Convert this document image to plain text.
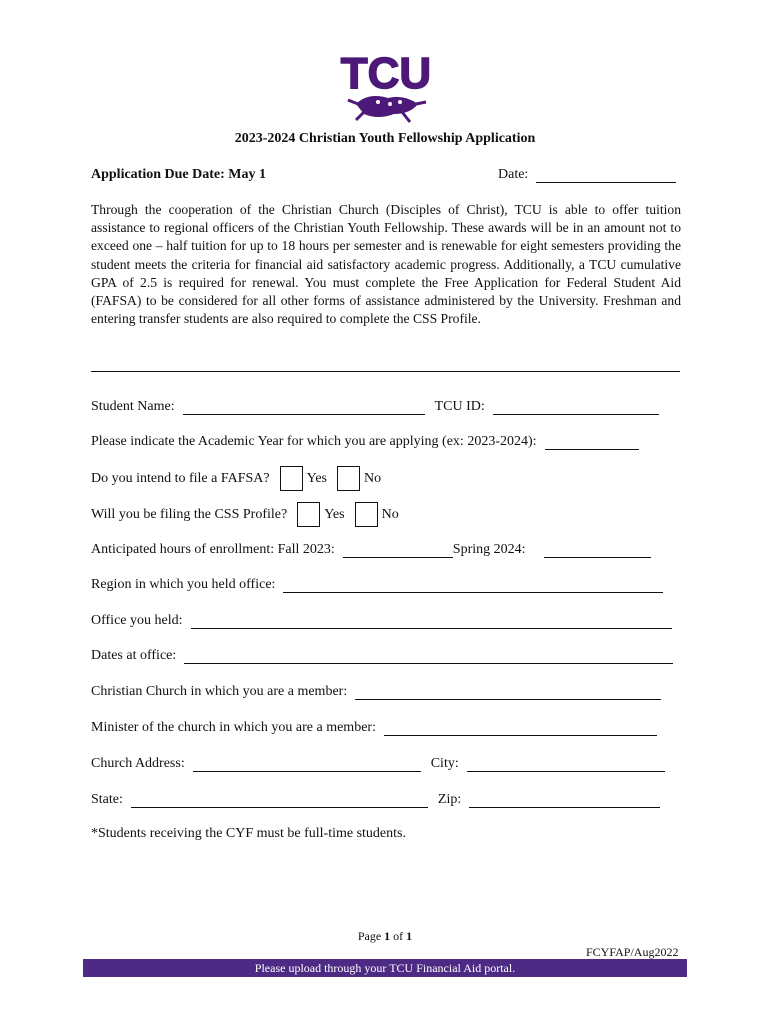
TCU
2023-2024 Christian Youth Fellowship Application
Application Due Date: May 1	Date:
Through the cooperation of the Christian Church (Disciples of Christ), TCU is able to offer tuition assistance to regional officers of the Christian Youth Fellowship. These awards will be in an amount not to exceed one – half tuition for up to 18 hours per semester and is renewable for eight semesters providing the student meets the criteria for financial aid satisfactory academic progress. Additionally, a TCU cumulative GPA of 2.5 is required for renewal. You must complete the Free Application for Federal Student Aid (FAFSA) to be considered for all other forms of assistance administered by the University. Freshman and entering transfer students are also required to complete the CSS Profile.
Student Name:	TCU ID:
Please indicate the Academic Year for which you are applying (ex: 2023-2024):
Do you intend to file a FAFSA?	Yes	No
Will you be filing the CSS Profile?	Yes	No
Anticipated hours of enrollment: Fall 2023:	Spring 2024:
Region in which you held office:
Office you held:
Dates at office:
Christian Church in which you are a member:
Minister of the church in which you are a member:
Church Address:	City:
State:	Zip:
*Students receiving the CYF must be full-time students.
Page 1 of 1
FCYFAP/Aug2022
Please upload through your TCU Financial Aid portal.
